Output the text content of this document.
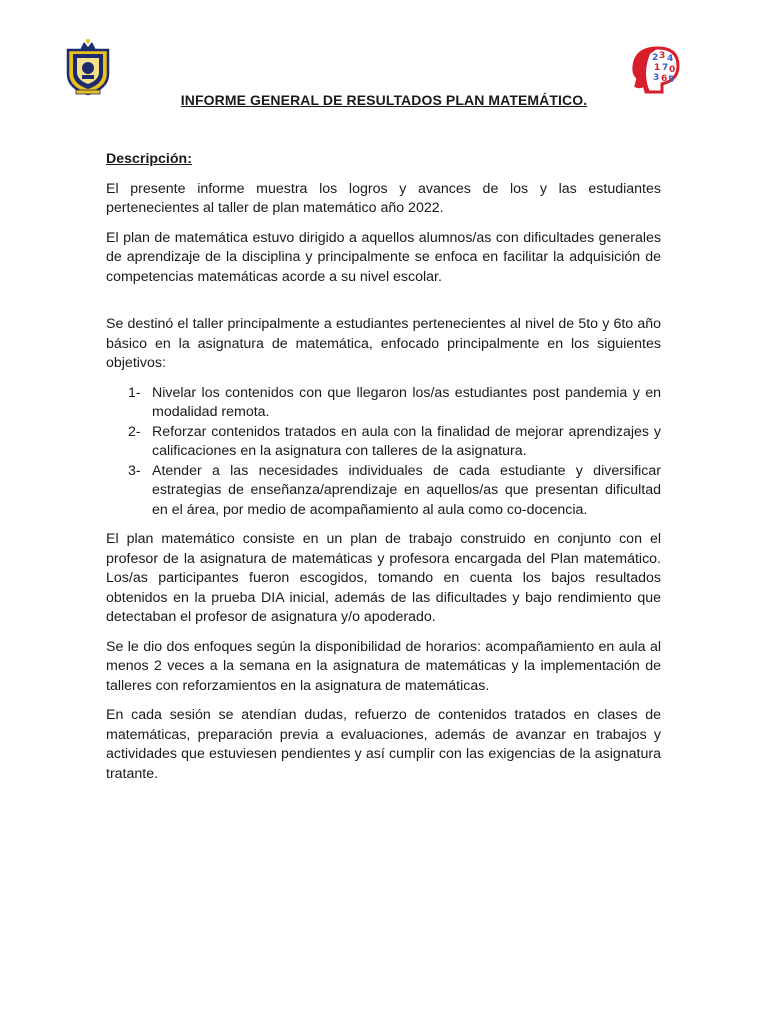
2 3 4
1 7 0
3 6 5
INFORME GENERAL DE RESULTADOS PLAN MATEMÁTICO.
Descripción:

El presente informe muestra los logros y avances de los y las estudiantes pertenecientes al taller de plan matemático año 2022.

El plan de matemática estuvo dirigido a aquellos alumnos/as con dificultades generales de aprendizaje de la disciplina y principalmente se enfoca en facilitar la adquisición de competencias matemáticas acorde a su nivel escolar.

Se destinó el taller principalmente a estudiantes pertenecientes al nivel de 5to y 6to año básico en la asignatura de matemática, enfocado principalmente en los siguientes objetivos:

1- Nivelar los contenidos con que llegaron los/as estudiantes post pandemia y en modalidad remota.
2- Reforzar contenidos tratados en aula con la finalidad de mejorar aprendizajes y calificaciones en la asignatura con talleres de la asignatura.
3- Atender a las necesidades individuales de cada estudiante y diversificar estrategias de enseñanza/aprendizaje en aquellos/as que presentan dificultad en el área, por medio de acompañamiento al aula como co-docencia.

El plan matemático consiste en un plan de trabajo construido en conjunto con el profesor de la asignatura de matemáticas y profesora encargada del Plan matemático. Los/as participantes fueron escogidos, tomando en cuenta los bajos resultados obtenidos en la prueba DIA inicial, además de las dificultades y bajo rendimiento que detectaban el profesor de asignatura y/o apoderado.

Se le dio dos enfoques según la disponibilidad de horarios: acompañamiento en aula al menos 2 veces a la semana en la asignatura de matemáticas y la implementación de talleres con reforzamientos en la asignatura de matemáticas.

En cada sesión se atendían dudas, refuerzo de contenidos tratados en clases de matemáticas, preparación previa a evaluaciones, además de avanzar en trabajos y actividades que estuviesen pendientes y así cumplir con las exigencias de la asignatura tratante.
